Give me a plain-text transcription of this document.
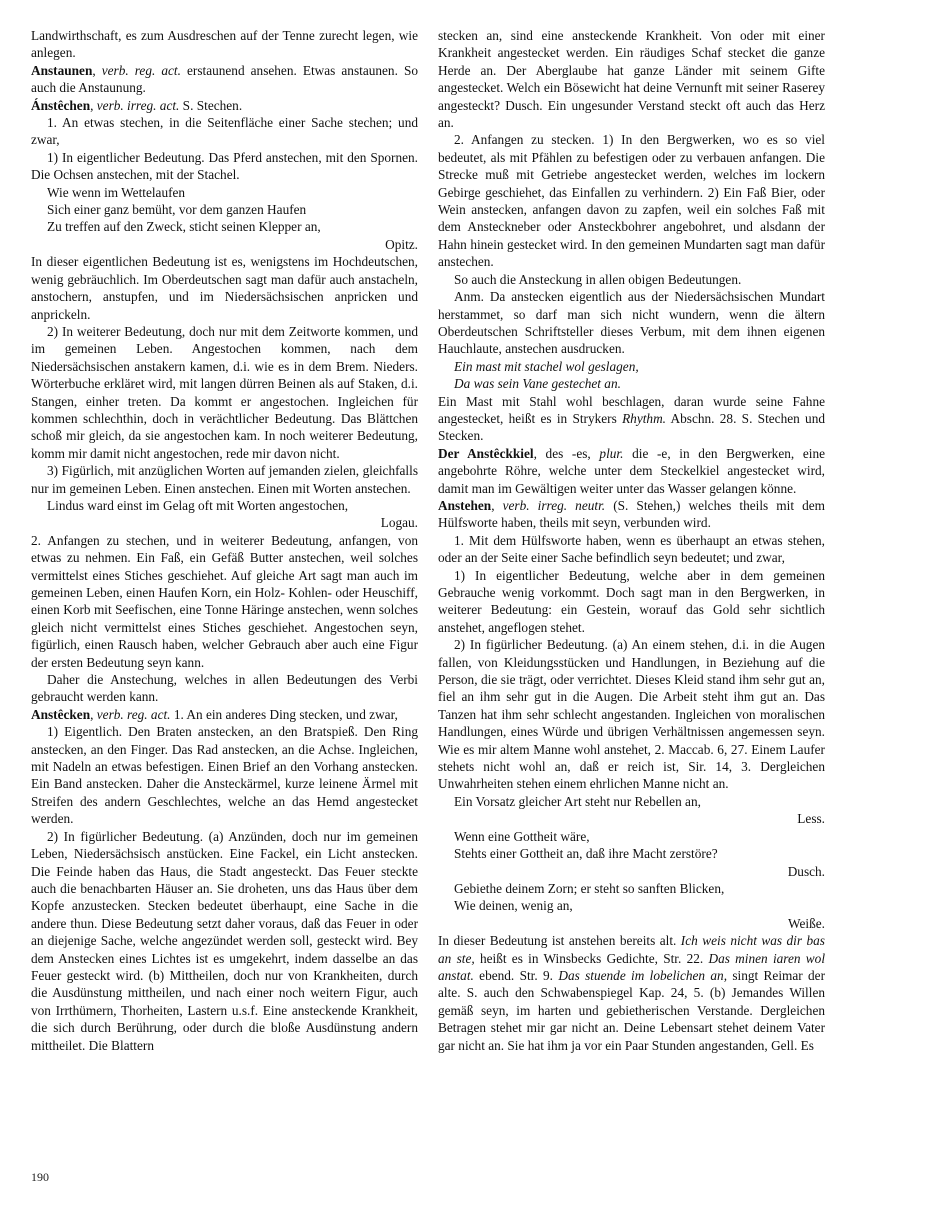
Landwirthschaft, es zum Ausdreschen auf der Tenne zurecht legen, wie anlegen.

Anstaunen, verb. reg. act. erstaunend ansehen. Etwas anstaunen. So auch die Anstaunung.

Ánstêchen, verb. irreg. act. S. Stechen.

1. An etwas stechen, in die Seitenfläche einer Sache stechen; und zwar,

1) In eigentlicher Bedeutung. Das Pferd anstechen, mit den Spornen. Die Ochsen anstechen, mit der Stachel.

Wie wenn im Wettelaufen

Sich einer ganz bemüht, vor dem ganzen Haufen

Zu treffen auf den Zweck, sticht seinen Klepper an,

Opitz.

In dieser eigentlichen Bedeutung ist es, wenigstens im Hochdeutschen, wenig gebräuchlich. Im Oberdeutschen sagt man dafür auch anstacheln, anstochern, anstupfen, und im Niedersächsischen anpricken und anprickeln.

2) In weiterer Bedeutung, doch nur mit dem Zeitworte kommen, und im gemeinen Leben. Angestochen kommen, nach dem Niedersächsischen anstakern kamen, d.i. wie es in dem Brem. Nieders. Wörterbuche erkläret wird, mit langen dürren Beinen als auf Staken, d.i. Stangen, einher treten. Da kommt er angestochen. Ingleichen für kommen schlechthin, doch in verächtlicher Bedeutung. Das Blättchen schoß mir gleich, da sie angestochen kam. In noch weiterer Bedeutung, komm mir damit nicht angestochen, rede mir davon nicht.

3) Figürlich, mit anzüglichen Worten auf jemanden zielen, gleichfalls nur im gemeinen Leben. Einen anstechen. Einen mit Worten anstechen.

Lindus ward einst im Gelag oft mit Worten angestochen,

Logau.

2. Anfangen zu stechen, und in weiterer Bedeutung, anfangen, von etwas zu nehmen. Ein Faß, ein Gefäß Butter anstechen, weil solches vermittelst eines Stiches geschiehet. Auf gleiche Art sagt man auch im gemeinen Leben, einen Haufen Korn, ein Holz- Kohlen- oder Heuschiff, einen Korb mit Seefischen, eine Tonne Häringe anstechen, wenn solches gleich nicht vermittelst eines Stiches geschiehet. Angestochen seyn, figürlich, einen Rausch haben, welcher Gebrauch aber auch eine Figur der ersten Bedeutung seyn kann.

Daher die Anstechung, welches in allen Bedeutungen des Verbi gebraucht werden kann.

Anstêcken, verb. reg. act. 1. An ein anderes Ding stecken, und zwar,

1) Eigentlich. Den Braten anstecken, an den Bratspieß. Den Ring anstecken, an den Finger. Das Rad anstecken, an die Achse. Ingleichen, mit Nadeln an etwas befestigen. Einen Brief an den Vorhang anstecken. Ein Band anstecken. Daher die Ansteckärmel, kurze leinene Ärmel mit Streifen des andern Geschlechtes, welche an das Hemd angestecket werden.

2) In figürlicher Bedeutung. (a) Anzünden, doch nur im gemeinen Leben, Niedersächsisch anstücken. Eine Fackel, ein Licht anstecken. Die Feinde haben das Haus, die Stadt angesteckt. Das Feuer steckte auch die benachbarten Häuser an. Sie droheten, uns das Haus über dem Kopfe anzustecken. Stecken bedeutet überhaupt, eine Sache in die andere thun. Diese Bedeutung setzt daher voraus, daß das Feuer in oder an diejenige Sache, welche angezündet werden soll, gesteckt wird. Bey dem Anstecken eines Lichtes ist es umgekehrt, indem dasselbe an das Feuer gesteckt wird. (b) Mittheilen, doch nur von Krankheiten, durch die Ausdünstung mittheilen, und nach einer noch weitern Figur, auch von Irrthümern, Thorheiten, Lastern u.s.f. Eine ansteckende Krankheit, die sich durch Berührung, oder durch die bloße Ausdünstung andern mittheilet. Die Blattern

stecken an, sind eine ansteckende Krankheit. Von oder mit einer Krankheit angestecket werden. Ein räudiges Schaf stecket die ganze Herde an. Der Aberglaube hat ganze Länder mit seinem Gifte angestecket. Welch ein Bösewicht hat deine Vernunft mit seiner Raserey angesteckt? Dusch. Ein ungesunder Verstand steckt oft auch das Herz an.

2. Anfangen zu stecken. 1) In den Bergwerken, wo es so viel bedeutet, als mit Pfählen zu befestigen oder zu verbauen anfangen. Die Strecke muß mit Getriebe angestecket werden, welches im lockern Gebirge geschiehet, das Einfallen zu verhindern. 2) Ein Faß Bier, oder Wein anstecken, anfangen davon zu zapfen, weil ein solches Faß mit dem Ansteckneber oder Ansteckbohrer angebohret, und alsdann der Hahn hinein gestecket wird. In den gemeinen Mundarten sagt man dafür anstechen.

So auch die Ansteckung in allen obigen Bedeutungen.

Anm. Da anstecken eigentlich aus der Niedersächsischen Mundart herstammet, so darf man sich nicht wundern, wenn die ältern Oberdeutschen Schriftsteller dieses Verbum, mit dem ihnen eigenen Hauchlaute, anstechen ausdrucken.

Ein mast mit stachel wol geslagen,

Da was sein Vane gestechet an.

Ein Mast mit Stahl wohl beschlagen, daran wurde seine Fahne angestecket, heißt es in Strykers Rhythm. Abschn. 28. S. Stechen und Stecken.

Der Anstêckkiel, des -es, plur. die -e, in den Bergwerken, eine angebohrte Röhre, welche unter dem Steckelkiel angestecket wird, damit man im Gewältigen weiter unter das Wasser gelangen könne.

Anstehen, verb. irreg. neutr. (S. Stehen,) welches theils mit dem Hülfsworte haben, theils mit seyn, verbunden wird.

1. Mit dem Hülfsworte haben, wenn es überhaupt an etwas stehen, oder an der Seite einer Sache befindlich seyn bedeutet; und zwar,

1) In eigentlicher Bedeutung, welche aber in dem gemeinen Gebrauche wenig vorkommt. Doch sagt man in den Bergwerken, in weiterer Bedeutung: ein Gestein, worauf das Gold sehr sichtlich anstehet, angeflogen stehet.

2) In figürlicher Bedeutung. (a) An einem stehen, d.i. in die Augen fallen, von Kleidungsstücken und Handlungen, in Beziehung auf die Person, die sie trägt, oder verrichtet. Dieses Kleid stand ihm sehr gut an, fiel an ihm sehr gut in die Augen. Die Arbeit steht ihm gut an. Das Tanzen hat ihm sehr schlecht angestanden. Ingleichen von moralischen Handlungen, eines Würde und übrigen Verhältnissen angemessen seyn. Wie es mir altem Manne wohl anstehet, 2. Maccab. 6, 27. Einem Laufer stehets nicht wohl an, daß er reich ist, Sir. 14, 3. Dergleichen Unwahrheiten stehen einem ehrlichen Manne nicht an.

Ein Vorsatz gleicher Art steht nur Rebellen an,

Less.

Wenn eine Gottheit wäre,

Stehts einer Gottheit an, daß ihre Macht zerstöre?

Dusch.

Gebiethe deinem Zorn; er steht so sanften Blicken,

Wie deinen, wenig an,

Weiße.

In dieser Bedeutung ist anstehen bereits alt. Ich weis nicht was dir bas an ste, heißt es in Winsbecks Gedichte, Str. 22. Das minen iaren wol anstat. ebend. Str. 9. Das stuende im lobelichen an, singt Reimar der alte. S. auch den Schwabenspiegel Kap. 24, 5. (b) Jemandes Willen gemäß seyn, im harten und gebietherischen Verstande. Dergleichen Betragen stehet mir gar nicht an. Deine Lebensart stehet deinem Vater gar nicht an. Sie hat ihm ja vor ein Paar Stunden angestanden, Gell. Es

190
